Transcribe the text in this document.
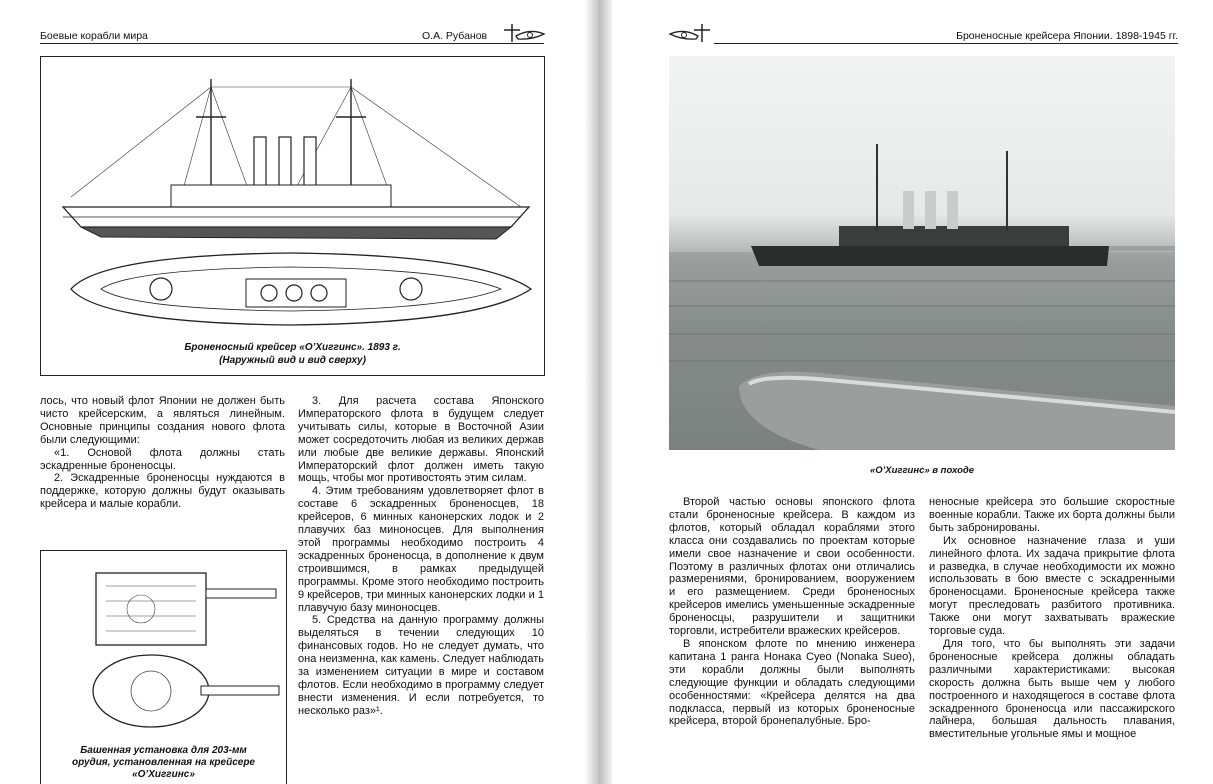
Боевые корабли мира	О.А. Рубанов
Броненосный крейсер «О’Хиггинс». 1893 г.
(Наружный вид и вид сверху)

лось, что новый флот Японии не должен быть чисто крейсерским, а являться линейным. Основные принципы создания нового флота были следующими:

«1. Основой флота должны стать эскадренные броненосцы.

2. Эскадренные броненосцы нуждаются в поддержке, которую должны будут оказывать крейсера и малые корабли.

Башенная установка для 203-мм
орудия, установленная на крейсере
«О’Хиггинс»

3. Для расчета состава Японского Императорского флота в будущем следует учитывать силы, которые в Восточной Азии может сосредоточить любая из великих держав или любые две великие державы. Японский Императорский флот должен иметь такую мощь, чтобы мог противостоять этим силам.

4. Этим требованиям удовлетворяет флот в составе 6 эскадренных броненосцев, 18 крейсеров, 6 минных канонерских лодок и 2 плавучих баз миноносцев. Для выполнения этой программы необходимо построить 4 эскадренных броненосца, в дополнение к двум строившимся, в рамках предыдущей программы. Кроме этого необходимо построить 9 крейсеров, три минных канонерских лодки и 1 плавучую базу миноносцев.

5. Средства на данную программу должны выделяться в течении следующих 10 финансовых годов. Но не следует думать, что она неизменна, как камень. Следует наблюдать за изменением ситуации в мире и составом флотов. Если необходимо в программу следует внести изменения. И если потребуется, то несколько раз»¹.

Броненосные крейсера Японии. 1898-1945 гг.
«О’Хиггинс» в походе

Второй частью основы японского флота стали броненосные крейсера. В каждом из флотов, который обладал кораблями этого класса они создавались по проектам которые имели свое назначение и свои особенности. Поэтому в различных флотах они отличались размерениями, бронированием, вооружением и его размещением. Среди броненосных крейсеров имелись уменьшенные эскадренные броненосцы, разрушители и защитники торговли, истребители вражеских крейсеров.

В японском флоте по мнению инженера капитана 1 ранга Нонака Суео (Nonaka Sueo), эти корабли должны были выполнять следующие функции и обладать следующими особенностями: «Крейсера делятся на два подкласса, первый из которых броненосные крейсера, второй бронепалубные. Бро-

неносные крейсера это большие скоростные военные корабли. Также их борта должны были быть забронированы.

Их основное назначение глаза и уши линейного флота. Их задача прикрытие флота и разведка, в случае необходимости их можно использовать в бою вместе с эскадренными броненосцами. Броненосные крейсера также могут преследовать разбитого противника. Также они могут захватывать вражеские торговые суда.

Для того, что бы выполнять эти задачи броненосные крейсера должны обладать различными характеристиками: высокая скорость должна быть выше чем у любого построенного и находящегося в составе флота эскадренного броненосца или пассажирского лайнера, большая дальность плавания, вместительные угольные ямы и мощное
